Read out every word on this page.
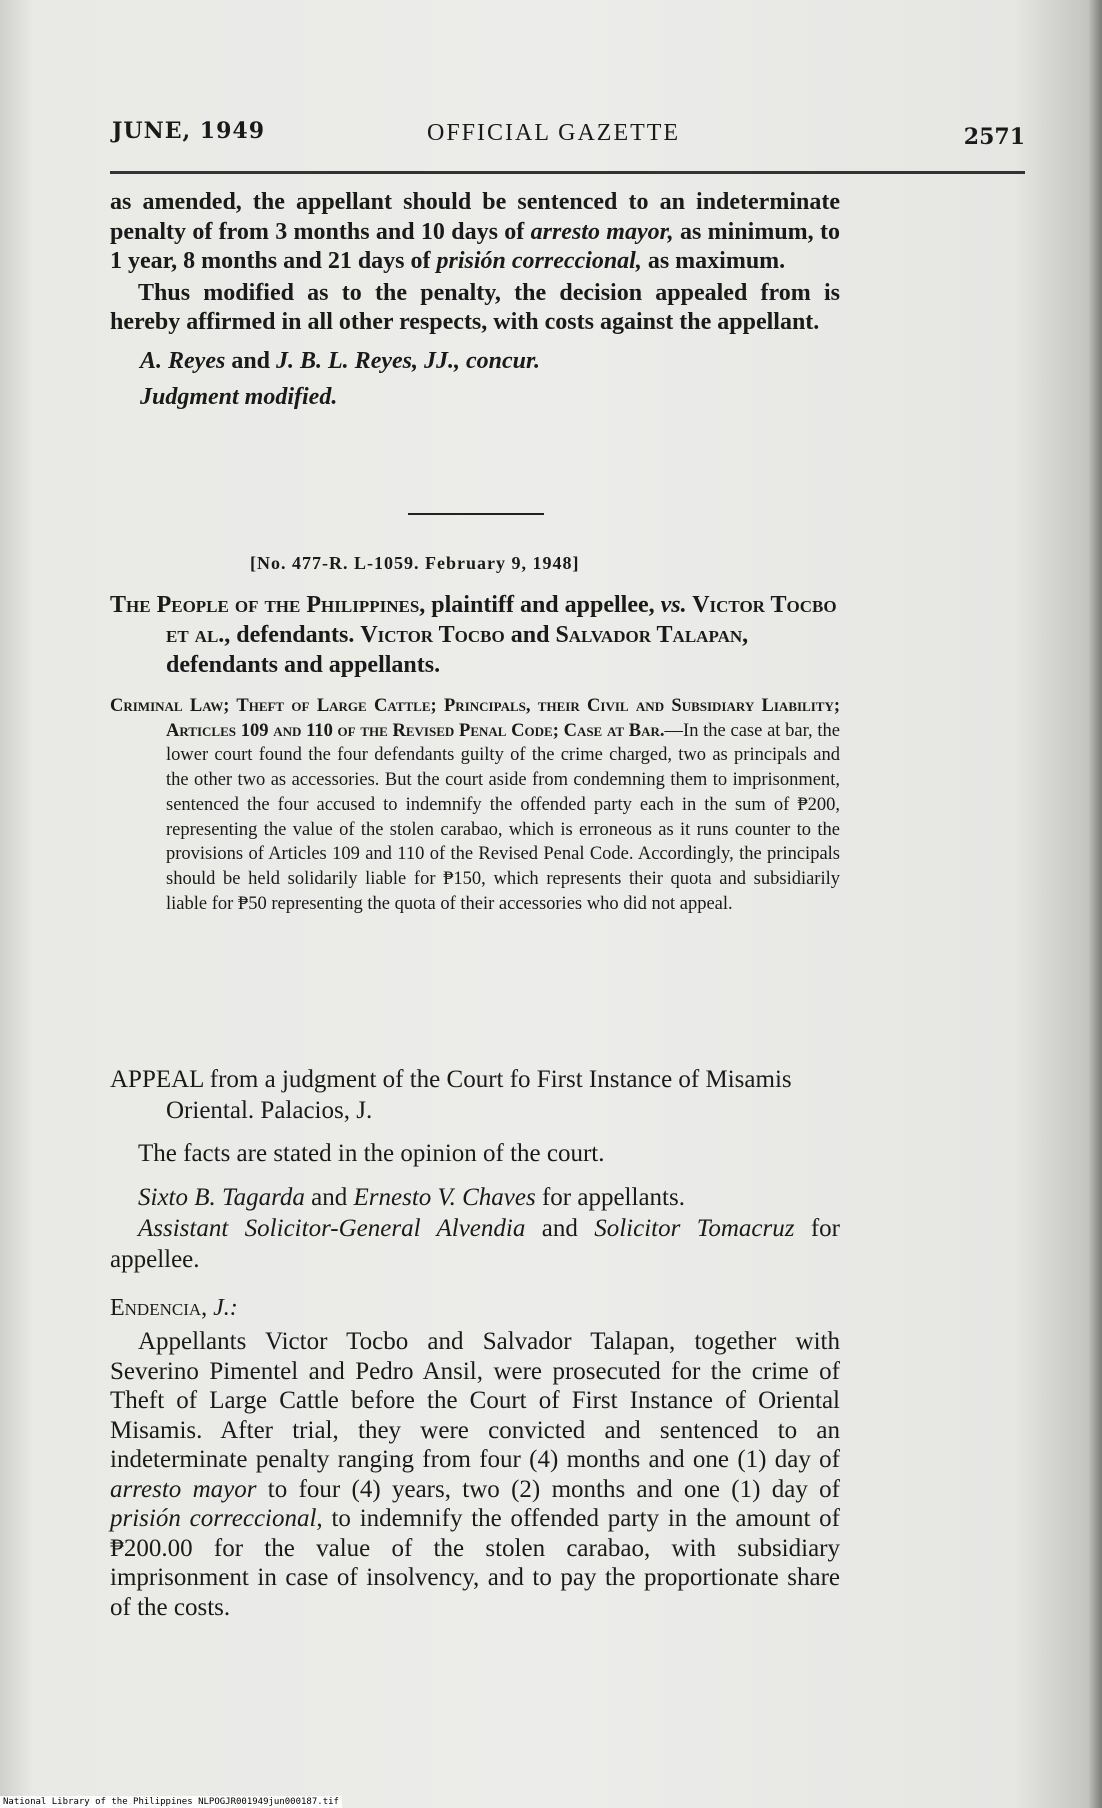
JUNE, 1949	OFFICIAL GAZETTE	2571

as amended, the appellant should be sentenced to an indeterminate penalty of from 3 months and 10 days of arresto mayor, as minimum, to 1 year, 8 months and 21 days of prisión correccional, as maximum.

Thus modified as to the penalty, the decision appealed from is hereby affirmed in all other respects, with costs against the appellant.

A. Reyes and J. B. L. Reyes, JJ., concur.

Judgment modified.

[No. 477-R. L-1059. February 9, 1948]

The People of the Philippines, plaintiff and appellee, vs. Victor Tocbo et al., defendants. Victor Tocbo and Salvador Talapan, defendants and appellants.

Criminal Law; Theft of Large Cattle; Principals, their Civil and Subsidiary Liability; Articles 109 and 110 of the Revised Penal Code; Case at Bar.—In the case at bar, the lower court found the four defendants guilty of the crime charged, two as principals and the other two as accessories. But the court aside from condemning them to imprisonment, sentenced the four accused to indemnify the offended party each in the sum of ₱200, representing the value of the stolen carabao, which is erroneous as it runs counter to the provisions of Articles 109 and 110 of the Revised Penal Code. Accordingly, the principals should be held solidarily liable for ₱150, which represents their quota and subsidiarily liable for ₱50 representing the quota of their accessories who did not appeal.

APPEAL from a judgment of the Court fo First Instance of Misamis Oriental. Palacios, J.

The facts are stated in the opinion of the court.

Sixto B. Tagarda and Ernesto V. Chaves for appellants.

Assistant Solicitor-General Alvendia and Solicitor Tomacruz for appellee.

Endencia, J.:

Appellants Victor Tocbo and Salvador Talapan, together with Severino Pimentel and Pedro Ansil, were prosecuted for the crime of Theft of Large Cattle before the Court of First Instance of Oriental Misamis. After trial, they were convicted and sentenced to an indeterminate penalty ranging from four (4) months and one (1) day of arresto mayor to four (4) years, two (2) months and one (1) day of prisión correccional, to indemnify the offended party in the amount of ₱200.00 for the value of the stolen carabao, with subsidiary imprisonment in case of insolvency, and to pay the proportionate share of the costs.

National Library of the Philippines NLPOGJR001949jun000187.tif
